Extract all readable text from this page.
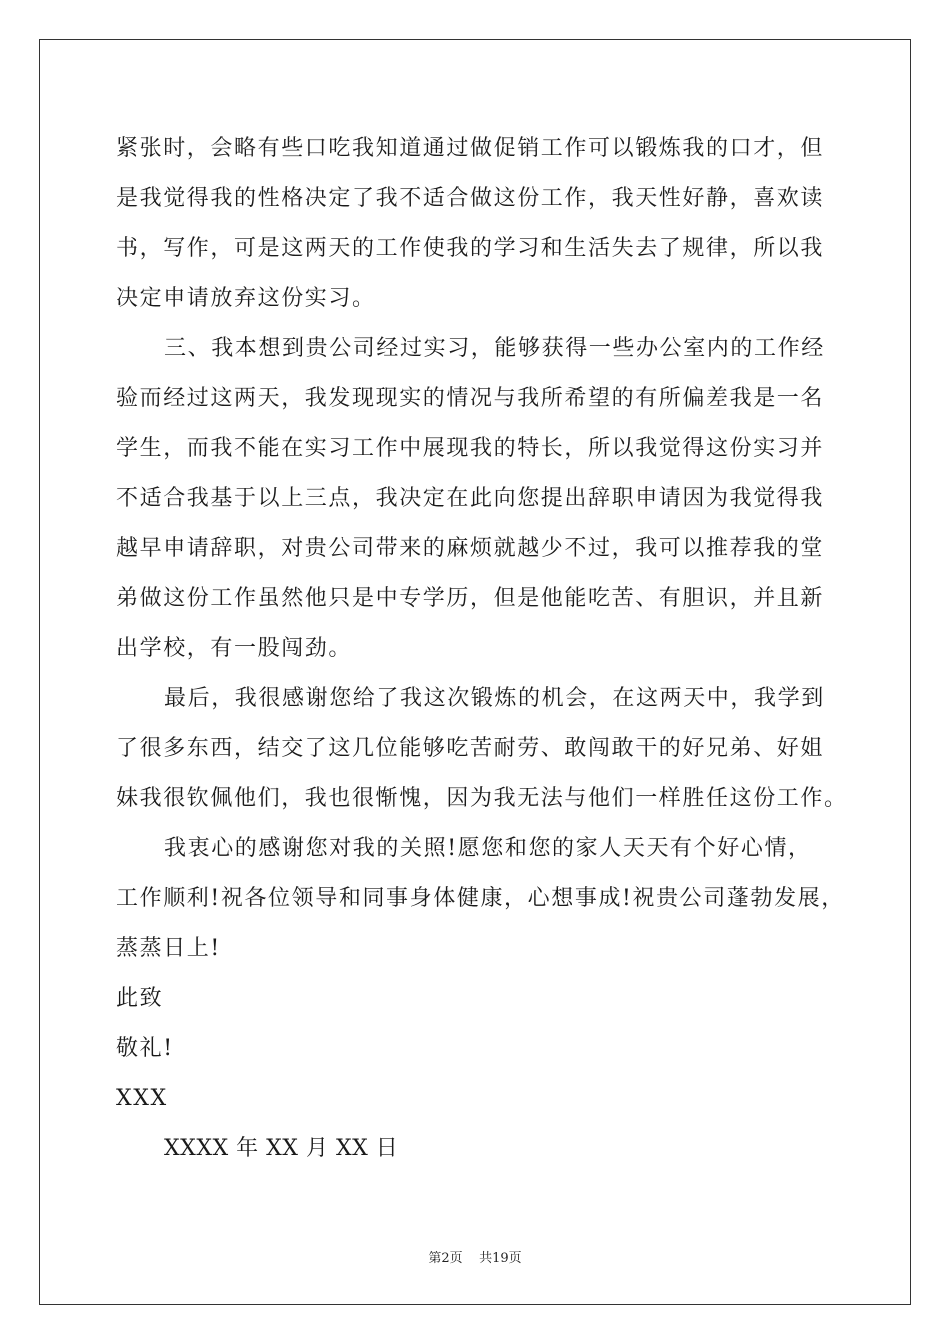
紧张时，会略有些口吃我知道通过做促销工作可以锻炼我的口才，但
是我觉得我的性格决定了我不适合做这份工作，我天性好静，喜欢读
书，写作，可是这两天的工作使我的学习和生活失去了规律，所以我
决定申请放弃这份实习。
三、我本想到贵公司经过实习，能够获得一些办公室内的工作经
验而经过这两天，我发现现实的情况与我所希望的有所偏差我是一名
学生，而我不能在实习工作中展现我的特长，所以我觉得这份实习并
不适合我基于以上三点，我决定在此向您提出辞职申请因为我觉得我
越早申请辞职，对贵公司带来的麻烦就越少不过，我可以推荐我的堂
弟做这份工作虽然他只是中专学历，但是他能吃苦、有胆识，并且新
出学校，有一股闯劲。
最后，我很感谢您给了我这次锻炼的机会，在这两天中，我学到
了很多东西，结交了这几位能够吃苦耐劳、敢闯敢干的好兄弟、好姐
妹我很钦佩他们，我也很惭愧，因为我无法与他们一样胜任这份工作。
我衷心的感谢您对我的关照!愿您和您的家人天天有个好心情，
工作顺利!祝各位领导和同事身体健康，心想事成!祝贵公司蓬勃发展，
蒸蒸日上!
此致
敬礼!
XXX
XXXX 年 XX 月 XX 日
第2页 共19页
